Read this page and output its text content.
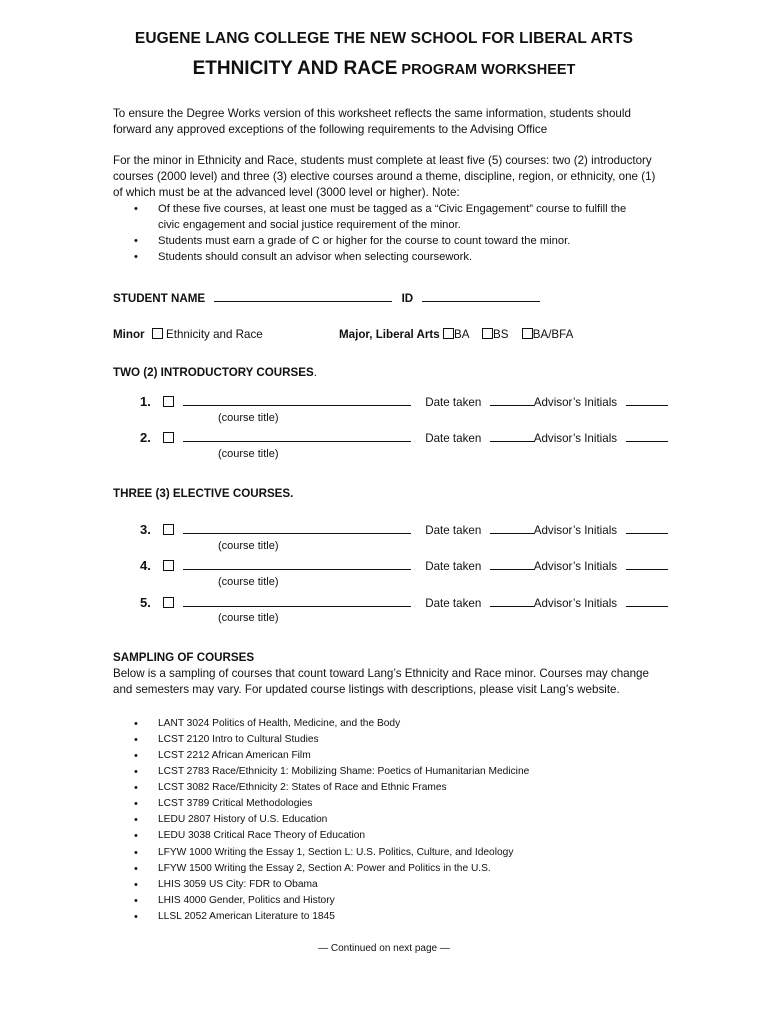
EUGENE LANG COLLEGE THE NEW SCHOOL FOR LIBERAL ARTS
ETHNICITY AND RACE PROGRAM WORKSHEET
To ensure the Degree Works version of this worksheet reflects the same information, students should
forward any approved exceptions of the following requirements to the Advising Office
For the minor in Ethnicity and Race, students must complete at least five (5) courses: two (2) introductory
courses (2000 level) and three (3) elective courses around a theme, discipline, region, or ethnicity, one (1)
of which must be at the advanced level (3000 level or higher). Note:
• Of these five courses, at least one must be tagged as a “Civic Engagement” course to fulfill the
civic engagement and social justice requirement of the minor.
• Students must earn a grade of C or higher for the course to count toward the minor.
• Students should consult an advisor when selecting coursework.
STUDENT NAME	ID
Minor Ethnicity and Race	Major, Liberal Arts BA BS BA/BFA
TWO (2) INTRODUCTORY COURSES.
1.	Date taken	Advisor’s Initials
(course title)
2.	Date taken	Advisor’s Initials
(course title)
THREE (3) ELECTIVE COURSES.
3.	Date taken	Advisor’s Initials
(course title)
4.	Date taken	Advisor’s Initials
(course title)
5.	Date taken	Advisor’s Initials
(course title)
SAMPLING OF COURSES
Below is a sampling of courses that count toward Lang’s Ethnicity and Race minor. Courses may change
and semesters may vary. For updated course listings with descriptions, please visit Lang’s website.
• LANT 3024 Politics of Health, Medicine, and the Body
• LCST 2120 Intro to Cultural Studies
• LCST 2212 African American Film
• LCST 2783 Race/Ethnicity 1: Mobilizing Shame: Poetics of Humanitarian Medicine
• LCST 3082 Race/Ethnicity 2: States of Race and Ethnic Frames
• LCST 3789 Critical Methodologies
• LEDU 2807 History of U.S. Education
• LEDU 3038 Critical Race Theory of Education
• LFYW 1000 Writing the Essay 1, Section L: U.S. Politics, Culture, and Ideology
• LFYW 1500 Writing the Essay 2, Section A: Power and Politics in the U.S.
• LHIS 3059 US City: FDR to Obama
• LHIS 4000 Gender, Politics and History
• LLSL 2052 American Literature to 1845
— Continued on next page —
